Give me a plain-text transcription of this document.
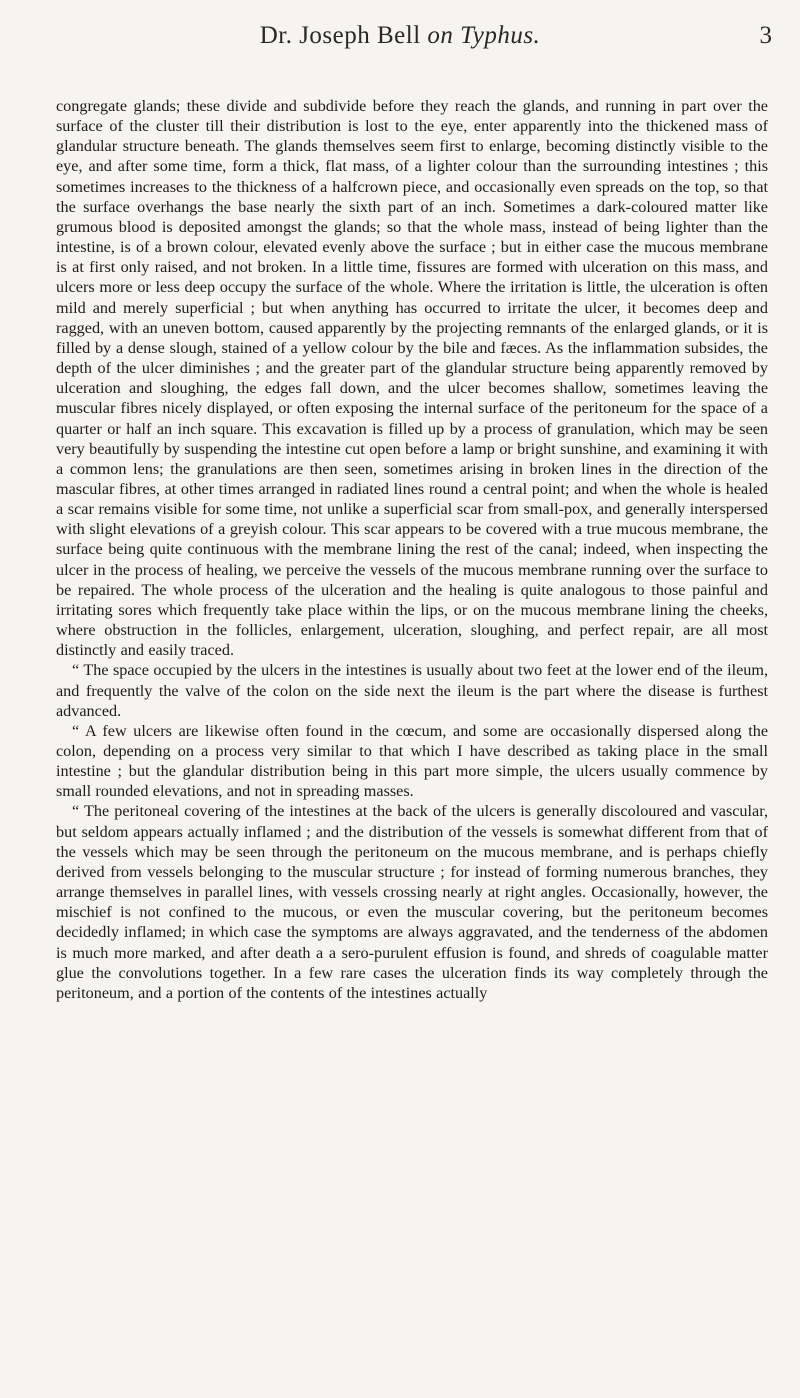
Dr. Joseph Bell on Typhus.	3

congregate glands; these divide and subdivide before they reach the glands, and running in part over the surface of the cluster till their distribution is lost to the eye, enter apparently into the thickened mass of glandular structure beneath. The glands themselves seem first to enlarge, becoming distinctly visible to the eye, and after some time, form a thick, flat mass, of a lighter colour than the surrounding intestines ; this sometimes increases to the thickness of a halfcrown piece, and occasionally even spreads on the top, so that the surface overhangs the base nearly the sixth part of an inch. Sometimes a dark-coloured matter like grumous blood is deposited amongst the glands; so that the whole mass, instead of being lighter than the intestine, is of a brown colour, elevated evenly above the surface ; but in either case the mucous membrane is at first only raised, and not broken. In a little time, fissures are formed with ulceration on this mass, and ulcers more or less deep occupy the surface of the whole. Where the irritation is little, the ulceration is often mild and merely superficial ; but when anything has occurred to irritate the ulcer, it becomes deep and ragged, with an uneven bottom, caused apparently by the projecting remnants of the enlarged glands, or it is filled by a dense slough, stained of a yellow colour by the bile and fæces. As the inflammation subsides, the depth of the ulcer diminishes ; and the greater part of the glandular structure being apparently removed by ulceration and sloughing, the edges fall down, and the ulcer becomes shallow, sometimes leaving the muscular fibres nicely displayed, or often exposing the internal surface of the peritoneum for the space of a quarter or half an inch square. This excavation is filled up by a process of granulation, which may be seen very beautifully by suspending the intestine cut open before a lamp or bright sunshine, and examining it with a common lens; the granulations are then seen, sometimes arising in broken lines in the direction of the mascular fibres, at other times arranged in radiated lines round a central point; and when the whole is healed a scar remains visible for some time, not unlike a superficial scar from small-pox, and generally interspersed with slight elevations of a greyish colour. This scar appears to be covered with a true mucous membrane, the surface being quite continuous with the membrane lining the rest of the canal; indeed, when inspecting the ulcer in the process of healing, we perceive the vessels of the mucous membrane running over the surface to be repaired. The whole process of the ulceration and the healing is quite analogous to those painful and irritating sores which frequently take place within the lips, or on the mucous membrane lining the cheeks, where obstruction in the follicles, enlargement, ulceration, sloughing, and perfect repair, are all most distinctly and easily traced.

“ The space occupied by the ulcers in the intestines is usually about two feet at the lower end of the ileum, and frequently the valve of the colon on the side next the ileum is the part where the disease is furthest advanced.

“ A few ulcers are likewise often found in the cœcum, and some are occasionally dispersed along the colon, depending on a process very similar to that which I have described as taking place in the small intestine ; but the glandular distribution being in this part more simple, the ulcers usually commence by small rounded elevations, and not in spreading masses.

“ The peritoneal covering of the intestines at the back of the ulcers is generally discoloured and vascular, but seldom appears actually inflamed ; and the distribution of the vessels is somewhat different from that of the vessels which may be seen through the peritoneum on the mucous membrane, and is perhaps chiefly derived from vessels belonging to the muscular structure ; for instead of forming numerous branches, they arrange themselves in parallel lines, with vessels crossing nearly at right angles. Occasionally, however, the mischief is not confined to the mucous, or even the muscular covering, but the peritoneum becomes decidedly inflamed; in which case the symptoms are always aggravated, and the tenderness of the abdomen is much more marked, and after death a a sero-purulent effusion is found, and shreds of coagulable matter glue the convolutions together. In a few rare cases the ulceration finds its way completely through the peritoneum, and a portion of the contents of the intestines actually
